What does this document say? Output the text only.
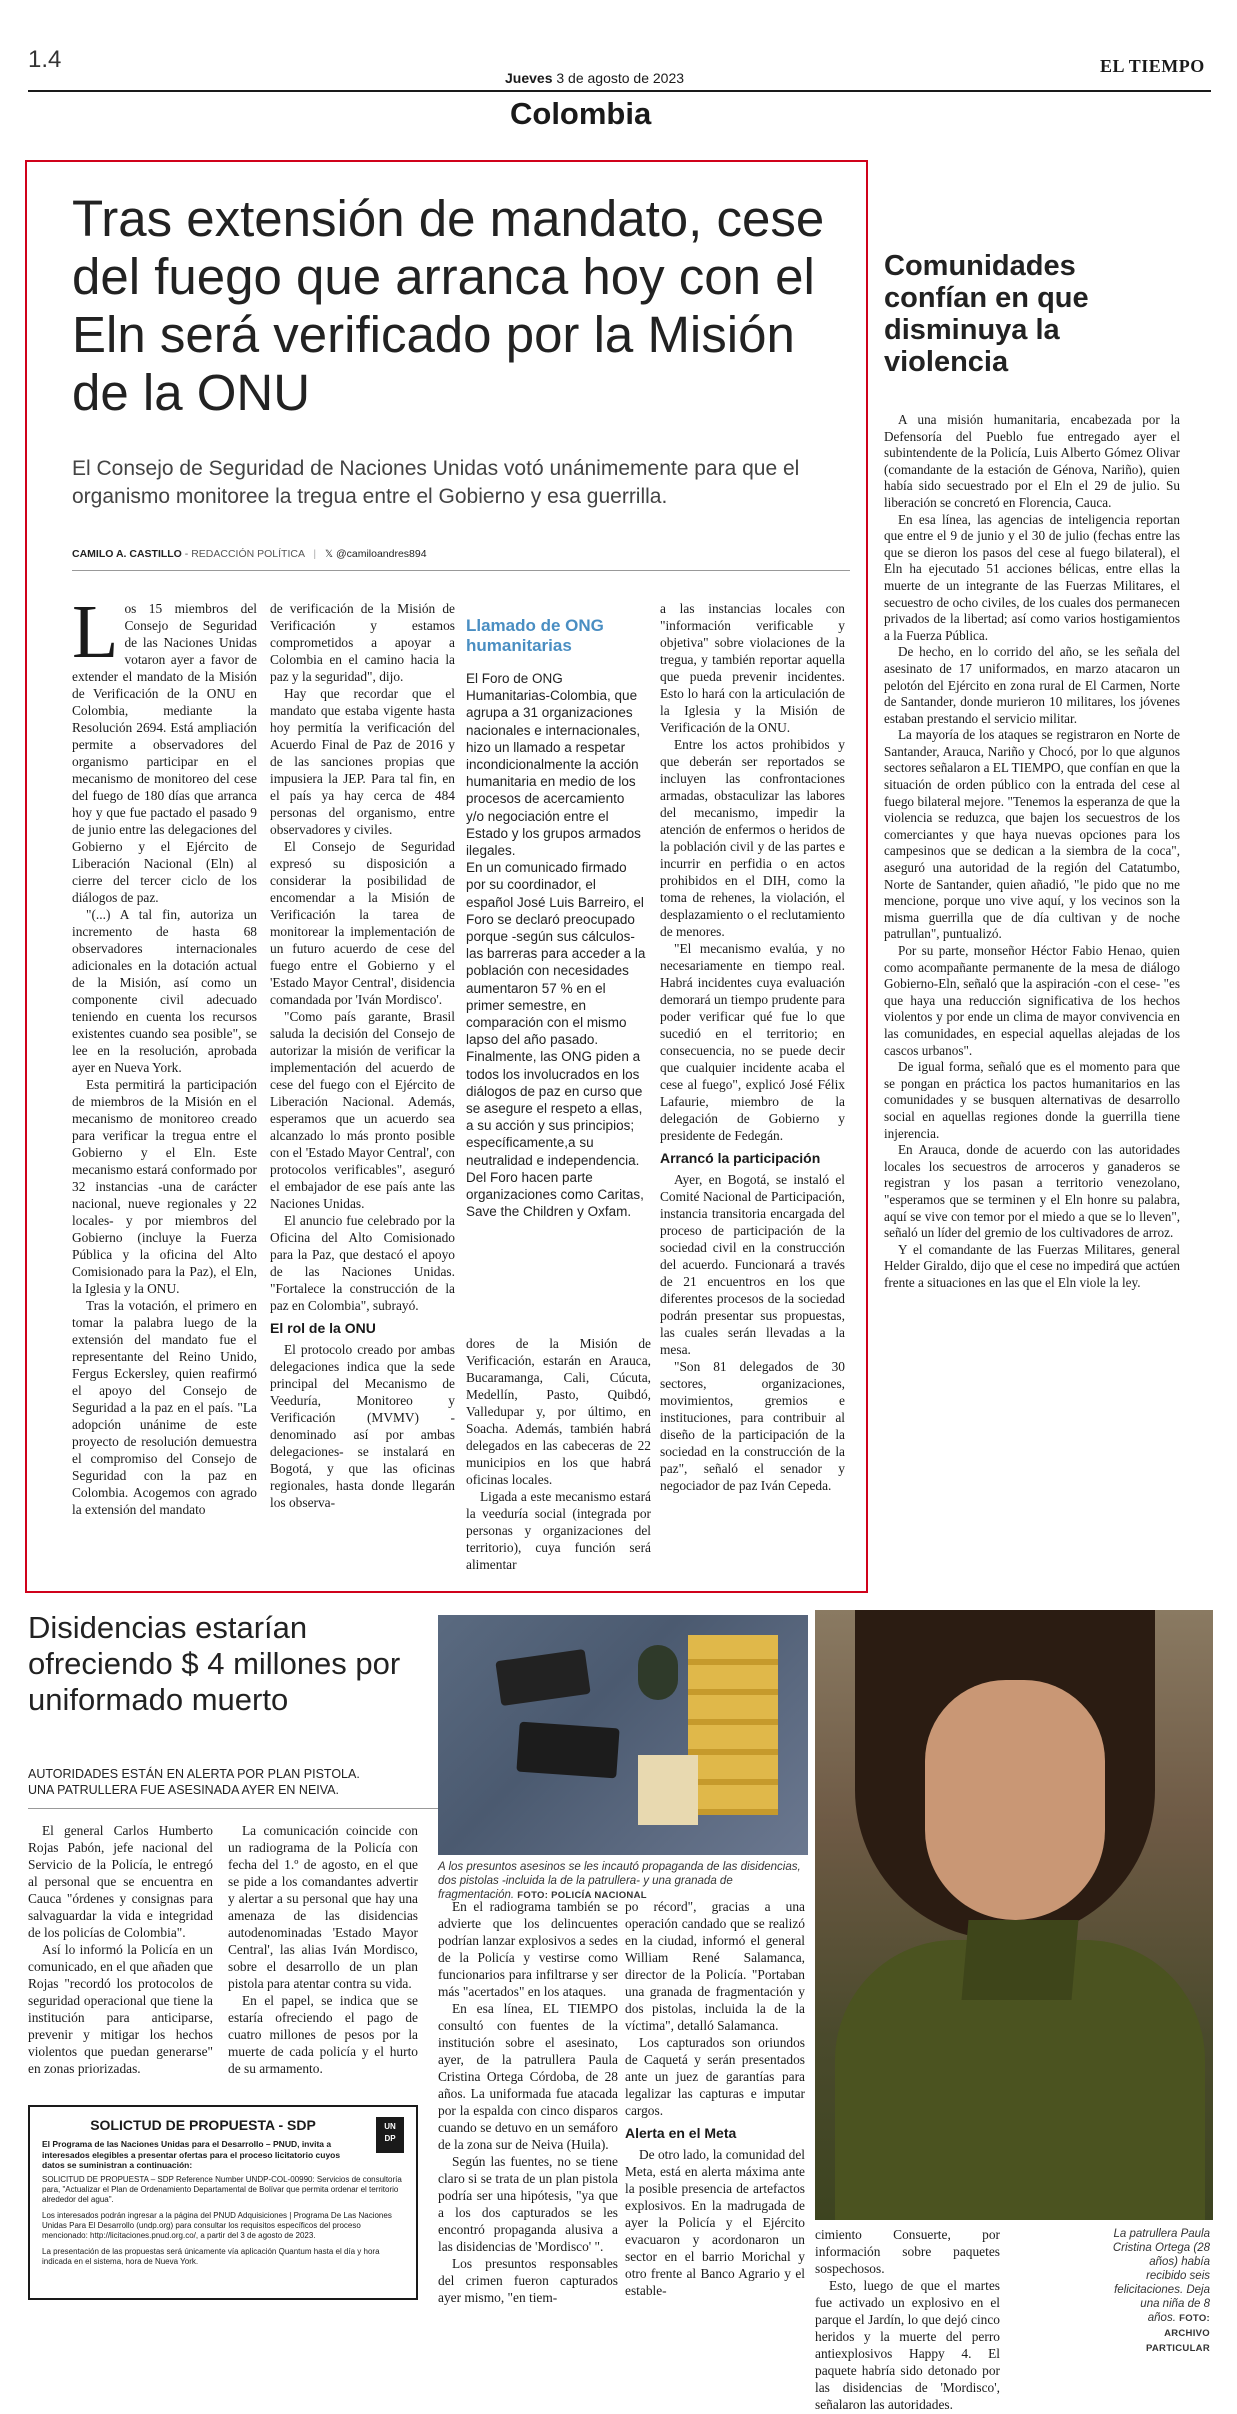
1.4
Jueves 3 de agosto de 2023
EL TIEMPO
Colombia
Tras extensión de mandato, cese del fuego que arranca hoy con el Eln será verificado por la Misión de la ONU
El Consejo de Seguridad de Naciones Unidas votó unánimemente para que el organismo monitoree la tregua entre el Gobierno y esa guerrilla.
CAMILO A. CASTILLO - REDACCIÓN POLÍTICA | 𝕏 @camiloandres894

Los 15 miembros del Consejo de Seguridad de las Naciones Unidas votaron ayer a favor de extender el mandato de la Misión de Verificación de la ONU en Colombia, mediante la Resolución 2694. Está ampliación permite a observadores del organismo participar en el mecanismo de monitoreo del cese del fuego de 180 días que arranca hoy y que fue pactado el pasado 9 de junio entre las delegaciones del Gobierno y el Ejército de Liberación Nacional (Eln) al cierre del tercer ciclo de los diálogos de paz.

"(...) A tal fin, autoriza un incremento de hasta 68 observadores internacionales adicionales en la dotación actual de la Misión, así como un componente civil adecuado teniendo en cuenta los recursos existentes cuando sea posible", se lee en la resolución, aprobada ayer en Nueva York.

Esta permitirá la participación de miembros de la Misión en el mecanismo de monitoreo creado para verificar la tregua entre el Gobierno y el Eln. Este mecanismo estará conformado por 32 instancias -una de carácter nacional, nueve regionales y 22 locales- y por miembros del Gobierno (incluye la Fuerza Pública y la oficina del Alto Comisionado para la Paz), el Eln, la Iglesia y la ONU.

Tras la votación, el primero en tomar la palabra luego de la extensión del mandato fue el representante del Reino Unido, Fergus Eckersley, quien reafirmó el apoyo del Consejo de Seguridad a la paz en el país. "La adopción unánime de este proyecto de resolución demuestra el compromiso del Consejo de Seguridad con la paz en Colombia. Acogemos con agrado la extensión del mandato

de verificación de la Misión de Verificación y estamos comprometidos a apoyar a Colombia en el camino hacia la paz y la seguridad", dijo.

Hay que recordar que el mandato que estaba vigente hasta hoy permitía la verificación del Acuerdo Final de Paz de 2016 y de las sanciones propias que impusiera la JEP. Para tal fin, en el país ya hay cerca de 484 personas del organismo, entre observadores y civiles.

El Consejo de Seguridad expresó su disposición a considerar la posibilidad de encomendar a la Misión de Verificación la tarea de monitorear la implementación de un futuro acuerdo de cese del fuego entre el Gobierno y el 'Estado Mayor Central', disidencia comandada por 'Iván Mordisco'.

"Como país garante, Brasil saluda la decisión del Consejo de autorizar la misión de verificar la implementación del acuerdo de cese del fuego con el Ejército de Liberación Nacional. Además, esperamos que un acuerdo sea alcanzado lo más pronto posible con el 'Estado Mayor Central', con protocolos verificables", aseguró el embajador de ese país ante las Naciones Unidas.

El anuncio fue celebrado por la Oficina del Alto Comisionado para la Paz, que destacó el apoyo de las Naciones Unidas. "Fortalece la construcción de la paz en Colombia", subrayó.

El rol de la ONU

El protocolo creado por ambas delegaciones indica que la sede principal del Mecanismo de Veeduría, Monitoreo y Verificación (MVMV) -denominado así por ambas delegaciones- se instalará en Bogotá, y que las oficinas regionales, hasta donde llegarán los observa-

Llamado de ONG humanitarias
El Foro de ONG Humanitarias-Colombia, que agrupa a 31 organizaciones nacionales e internacionales, hizo un llamado a respetar incondicionalmente la acción humanitaria en medio de los procesos de acercamiento y/o negociación entre el Estado y los grupos armados ilegales.
En un comunicado firmado por su coordinador, el español José Luis Barreiro, el Foro se declaró preocupado porque -según sus cálculos- las barreras para acceder a la población con necesidades aumentaron 57 % en el primer semestre, en comparación con el mismo lapso del año pasado. Finalmente, las ONG piden a todos los involucrados en los diálogos de paz en curso que se asegure el respeto a ellas, a su acción y sus principios; específicamente,a su neutralidad e independencia. Del Foro hacen parte organizaciones como Caritas, Save the Children y Oxfam.

dores de la Misión de Verificación, estarán en Arauca, Bucaramanga, Cali, Cúcuta, Medellín, Pasto, Quibdó, Valledupar y, por último, en Soacha. Además, también habrá delegados en las cabeceras de 22 municipios en los que habrá oficinas locales.

Ligada a este mecanismo estará la veeduría social (integrada por personas y organizaciones del territorio), cuya función será alimentar

a las instancias locales con "información verificable y objetiva" sobre violaciones de la tregua, y también reportar aquella que pueda prevenir incidentes. Esto lo hará con la articulación de la Iglesia y la Misión de Verificación de la ONU.

Entre los actos prohibidos y que deberán ser reportados se incluyen las confrontaciones armadas, obstaculizar las labores del mecanismo, impedir la atención de enfermos o heridos de la población civil y de las partes e incurrir en perfidia o en actos prohibidos en el DIH, como la toma de rehenes, la violación, el desplazamiento o el reclutamiento de menores.

"El mecanismo evalúa, y no necesariamente en tiempo real. Habrá incidentes cuya evaluación demorará un tiempo prudente para poder verificar qué fue lo que sucedió en el territorio; en consecuencia, no se puede decir que cualquier incidente acaba el cese al fuego", explicó José Félix Lafaurie, miembro de la delegación de Gobierno y presidente de Fedegán.

Arrancó la participación

Ayer, en Bogotá, se instaló el Comité Nacional de Participación, instancia transitoria encargada del proceso de participación de la sociedad civil en la construcción del acuerdo. Funcionará a través de 21 encuentros en los que diferentes procesos de la sociedad podrán presentar sus propuestas, las cuales serán llevadas a la mesa.

"Son 81 delegados de 30 sectores, organizaciones, movimientos, gremios e instituciones, para contribuir al diseño de la participación de la sociedad en la construcción de la paz", señaló el senador y negociador de paz Iván Cepeda.

Comunidades confían en que disminuya la violencia

A una misión humanitaria, encabezada por la Defensoría del Pueblo fue entregado ayer el subintendente de la Policía, Luis Alberto Gómez Olivar (comandante de la estación de Génova, Nariño), quien había sido secuestrado por el Eln el 29 de julio. Su liberación se concretó en Florencia, Cauca.

En esa línea, las agencias de inteligencia reportan que entre el 9 de junio y el 30 de julio (fechas entre las que se dieron los pasos del cese al fuego bilateral), el Eln ha ejecutado 51 acciones bélicas, entre ellas la muerte de un integrante de las Fuerzas Militares, el secuestro de ocho civiles, de los cuales dos permanecen privados de la libertad; así como varios hostigamientos a la Fuerza Pública.

De hecho, en lo corrido del año, se les señala del asesinato de 17 uniformados, en marzo atacaron un pelotón del Ejército en zona rural de El Carmen, Norte de Santander, donde murieron 10 militares, los jóvenes estaban prestando el servicio militar.

La mayoría de los ataques se registraron en Norte de Santander, Arauca, Nariño y Chocó, por lo que algunos sectores señalaron a EL TIEMPO, que confían en que la situación de orden público con la entrada del cese al fuego bilateral mejore. "Tenemos la esperanza de que la violencia se reduzca, que bajen los secuestros de los comerciantes y que haya nuevas opciones para los campesinos que se dedican a la siembra de la coca", aseguró una autoridad de la región del Catatumbo, Norte de Santander, quien añadió, "le pido que no me mencione, porque uno vive aquí, y los vecinos son la misma guerrilla que de día cultivan y de noche patrullan", puntualizó.

Por su parte, monseñor Héctor Fabio Henao, quien como acompañante permanente de la mesa de diálogo Gobierno-Eln, señaló que la aspiración -con el cese- "es que haya una reducción significativa de los hechos violentos y por ende un clima de mayor convivencia en las comunidades, en especial aquellas alejadas de los cascos urbanos".

De igual forma, señaló que es el momento para que se pongan en práctica los pactos humanitarios en las comunidades y se busquen alternativas de desarrollo social en aquellas regiones donde la guerrilla tiene injerencia.

En Arauca, donde de acuerdo con las autoridades locales los secuestros de arroceros y ganaderos se registran y los pasan a territorio venezolano, "esperamos que se terminen y el Eln honre su palabra, aquí se vive con temor por el miedo a que se lo lleven", señaló un líder del gremio de los cultivadores de arroz.

Y el comandante de las Fuerzas Militares, general Helder Giraldo, dijo que el cese no impedirá que actúen frente a situaciones en las que el Eln viole la ley.

Disidencias estarían ofreciendo $ 4 millones por uniformado muerto
AUTORIDADES ESTÁN EN ALERTA POR PLAN PISTOLA.
UNA PATRULLERA FUE ASESINADA AYER EN NEIVA.

El general Carlos Humberto Rojas Pabón, jefe nacional del Servicio de la Policía, le entregó al personal que se encuentra en Cauca "órdenes y consignas para salvaguardar la vida e integridad de los policías de Colombia".

Así lo informó la Policía en un comunicado, en el que añaden que Rojas "recordó los protocolos de seguridad operacional que tiene la institución para anticiparse, prevenir y mitigar los hechos violentos que puedan generarse" en zonas priorizadas.

La comunicación coincide con un radiograma de la Policía con fecha del 1.º de agosto, en el que se pide a los comandantes advertir y alertar a su personal que hay una amenaza de las disidencias autodenominadas 'Estado Mayor Central', las alias Iván Mordisco, sobre el desarrollo de un plan pistola para atentar contra su vida.

En el papel, se indica que se estaría ofreciendo el pago de cuatro millones de pesos por la muerte de cada policía y el hurto de su armamento.

A los presuntos asesinos se les incautó propaganda de las disidencias, dos pistolas -incluida la de la patrullera- y una granada de fragmentación. FOTO: POLICÍA NACIONAL

En el radiograma también se advierte que los delincuentes podrían lanzar explosivos a sedes de la Policía y vestirse como funcionarios para infiltrarse y ser más "acertados" en los ataques.

En esa línea, EL TIEMPO consultó con fuentes de la institución sobre el asesinato, ayer, de la patrullera Paula Cristina Ortega Córdoba, de 28 años. La uniformada fue atacada por la espalda con cinco disparos cuando se detuvo en un semáforo de la zona sur de Neiva (Huila).

Según las fuentes, no se tiene claro si se trata de un plan pistola podría ser una hipótesis, "ya que a los dos capturados se les encontró propaganda alusiva a las disidencias de 'Mordisco' ".

Los presuntos responsables del crimen fueron capturados ayer mismo, "en tiem-

po récord", gracias a una operación candado que se realizó en la ciudad, informó el general William René Salamanca, director de la Policía. "Portaban una granada de fragmentación y dos pistolas, incluida la de la víctima", detalló Salamanca.

Los capturados son oriundos de Caquetá y serán presentados ante un juez de garantías para legalizar las capturas e imputar cargos.

Alerta en el Meta

De otro lado, la comunidad del Meta, está en alerta máxima ante la posible presencia de artefactos explosivos. En la madrugada de ayer la Policía y el Ejército evacuaron y acordonaron un sector en el barrio Morichal y otro frente al Banco Agrario y el estable-

cimiento Consuerte, por información sobre paquetes sospechosos.

Esto, luego de que el martes fue activado un explosivo en el parque el Jardín, lo que dejó cinco heridos y la muerte del perro antiexplosivos Happy 4. El paquete habría sido detonado por las disidencias de 'Mordisco', señalaron las autoridades.

La patrullera Paula Cristina Ortega (28 años) había recibido seis felicitaciones. Deja una niña de 8 años. FOTO: ARCHIVO PARTICULAR
SOLICTUD DE PROPUESTA - SDP	UN
DP
El Programa de las Naciones Unidas para el Desarrollo – PNUD, invita a interesados elegibles a presentar ofertas para el proceso licitatorio cuyos datos se suministran a continuación:
SOLICITUD DE PROPUESTA – SDP Reference Number UNDP-COL-00990: Servicios de consultoría para, "Actualizar el Plan de Ordenamiento Departamental de Bolívar que permita ordenar el territorio alrededor del agua".
Los interesados podrán ingresar a la página del PNUD Adquisiciones | Programa De Las Naciones Unidas Para El Desarrollo (undp.org) para consultar los requisitos específicos del proceso mencionado: http://licitaciones.pnud.org.co/, a partir del 3 de agosto de 2023.
La presentación de las propuestas será únicamente vía aplicación Quantum hasta el día y hora indicada en el sistema, hora de Nueva York.
